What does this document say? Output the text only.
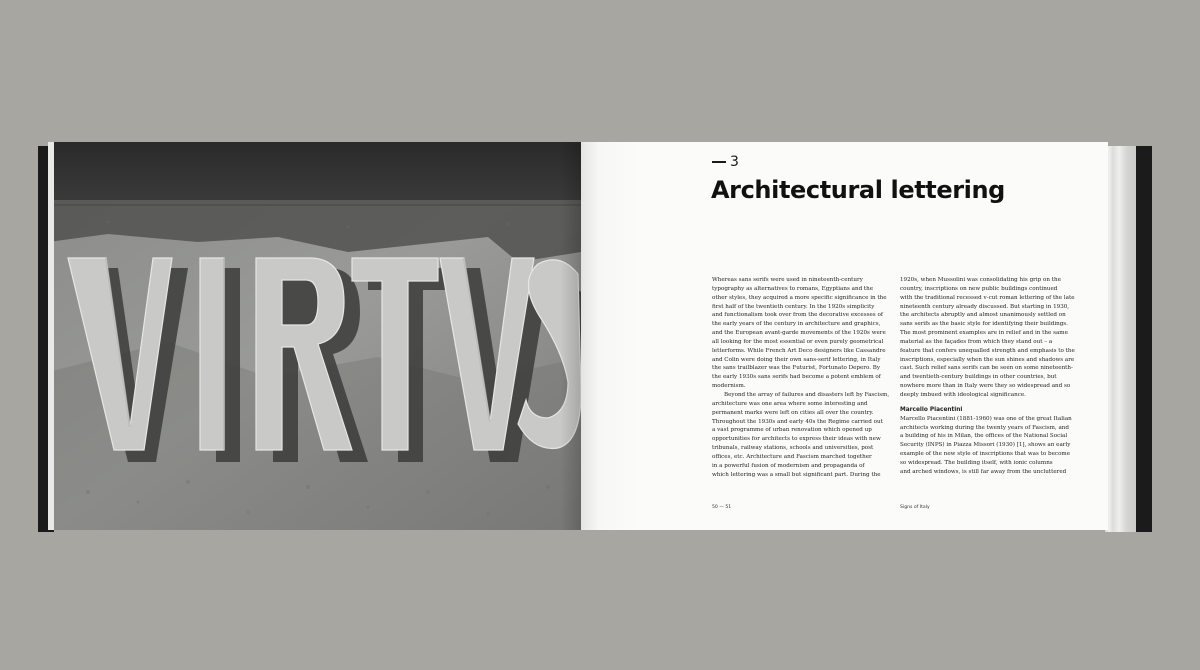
3
Architectural lettering

Whereas sans serifs were used in nineteenth-century

typography as alternatives to romans, Egyptians and the

other styles, they acquired a more specific significance in the

first half of the twentieth century. In the 1920s simplicity

and functionalism took over from the decorative excesses of

the early years of the century in architecture and graphics,

and the European avant-garde movements of the 1920s were

all looking for the most essential or even purely geometrical

letterforms. While French Art Deco designers like Cassandre

and Colin were doing their own sans-serif lettering, in Italy

the sans trailblazer was the Futurist, Fortunato Depero. By

the early 1930s sans serifs had become a potent emblem of

modernism.

Beyond the array of failures and disasters left by Fascism,

architecture was one area where some interesting and

permanent marks were left on cities all over the country.

Throughout the 1930s and early 40s the Regime carried out

a vast programme of urban renovation which opened up

opportunities for architects to express their ideas with new

tribunals, railway stations, schools and universities, post

offices, etc. Architecture and Fascism marched together

in a powerful fusion of modernism and propaganda of

which lettering was a small but significant part. During the

1920s, when Mussolini was consolidating his grip on the

country, inscriptions on new public buildings continued

with the traditional recessed v-cut roman lettering of the late

nineteenth century already discussed. But starting in 1930,

the architects abruptly and almost unanimously settled on

sans serifs as the basic style for identifying their buildings.

The most prominent examples are in relief and in the same

material as the façades from which they stand out – a

feature that confers unequalled strength and emphasis to the

inscriptions, especially when the sun shines and shadows are

cast. Such relief sans serifs can be seen on some nineteenth-

and twentieth-century buildings in other countries, but

nowhere more than in Italy were they so widespread and so

deeply imbued with ideological significance.

Marcello Piacentini

Marcello Piacentini (1881-1960) was one of the great Italian

architects working during the twenty years of Fascism, and

a building of his in Milan, the offices of the National Social

Security (INPS) in Piazza Missori (1930) [1], shows an early

example of the new style of inscriptions that was to become

so widespread. The building itself, with ionic columns

and arched windows, is still far away from the uncluttered

50 — 51	Signs of Italy
